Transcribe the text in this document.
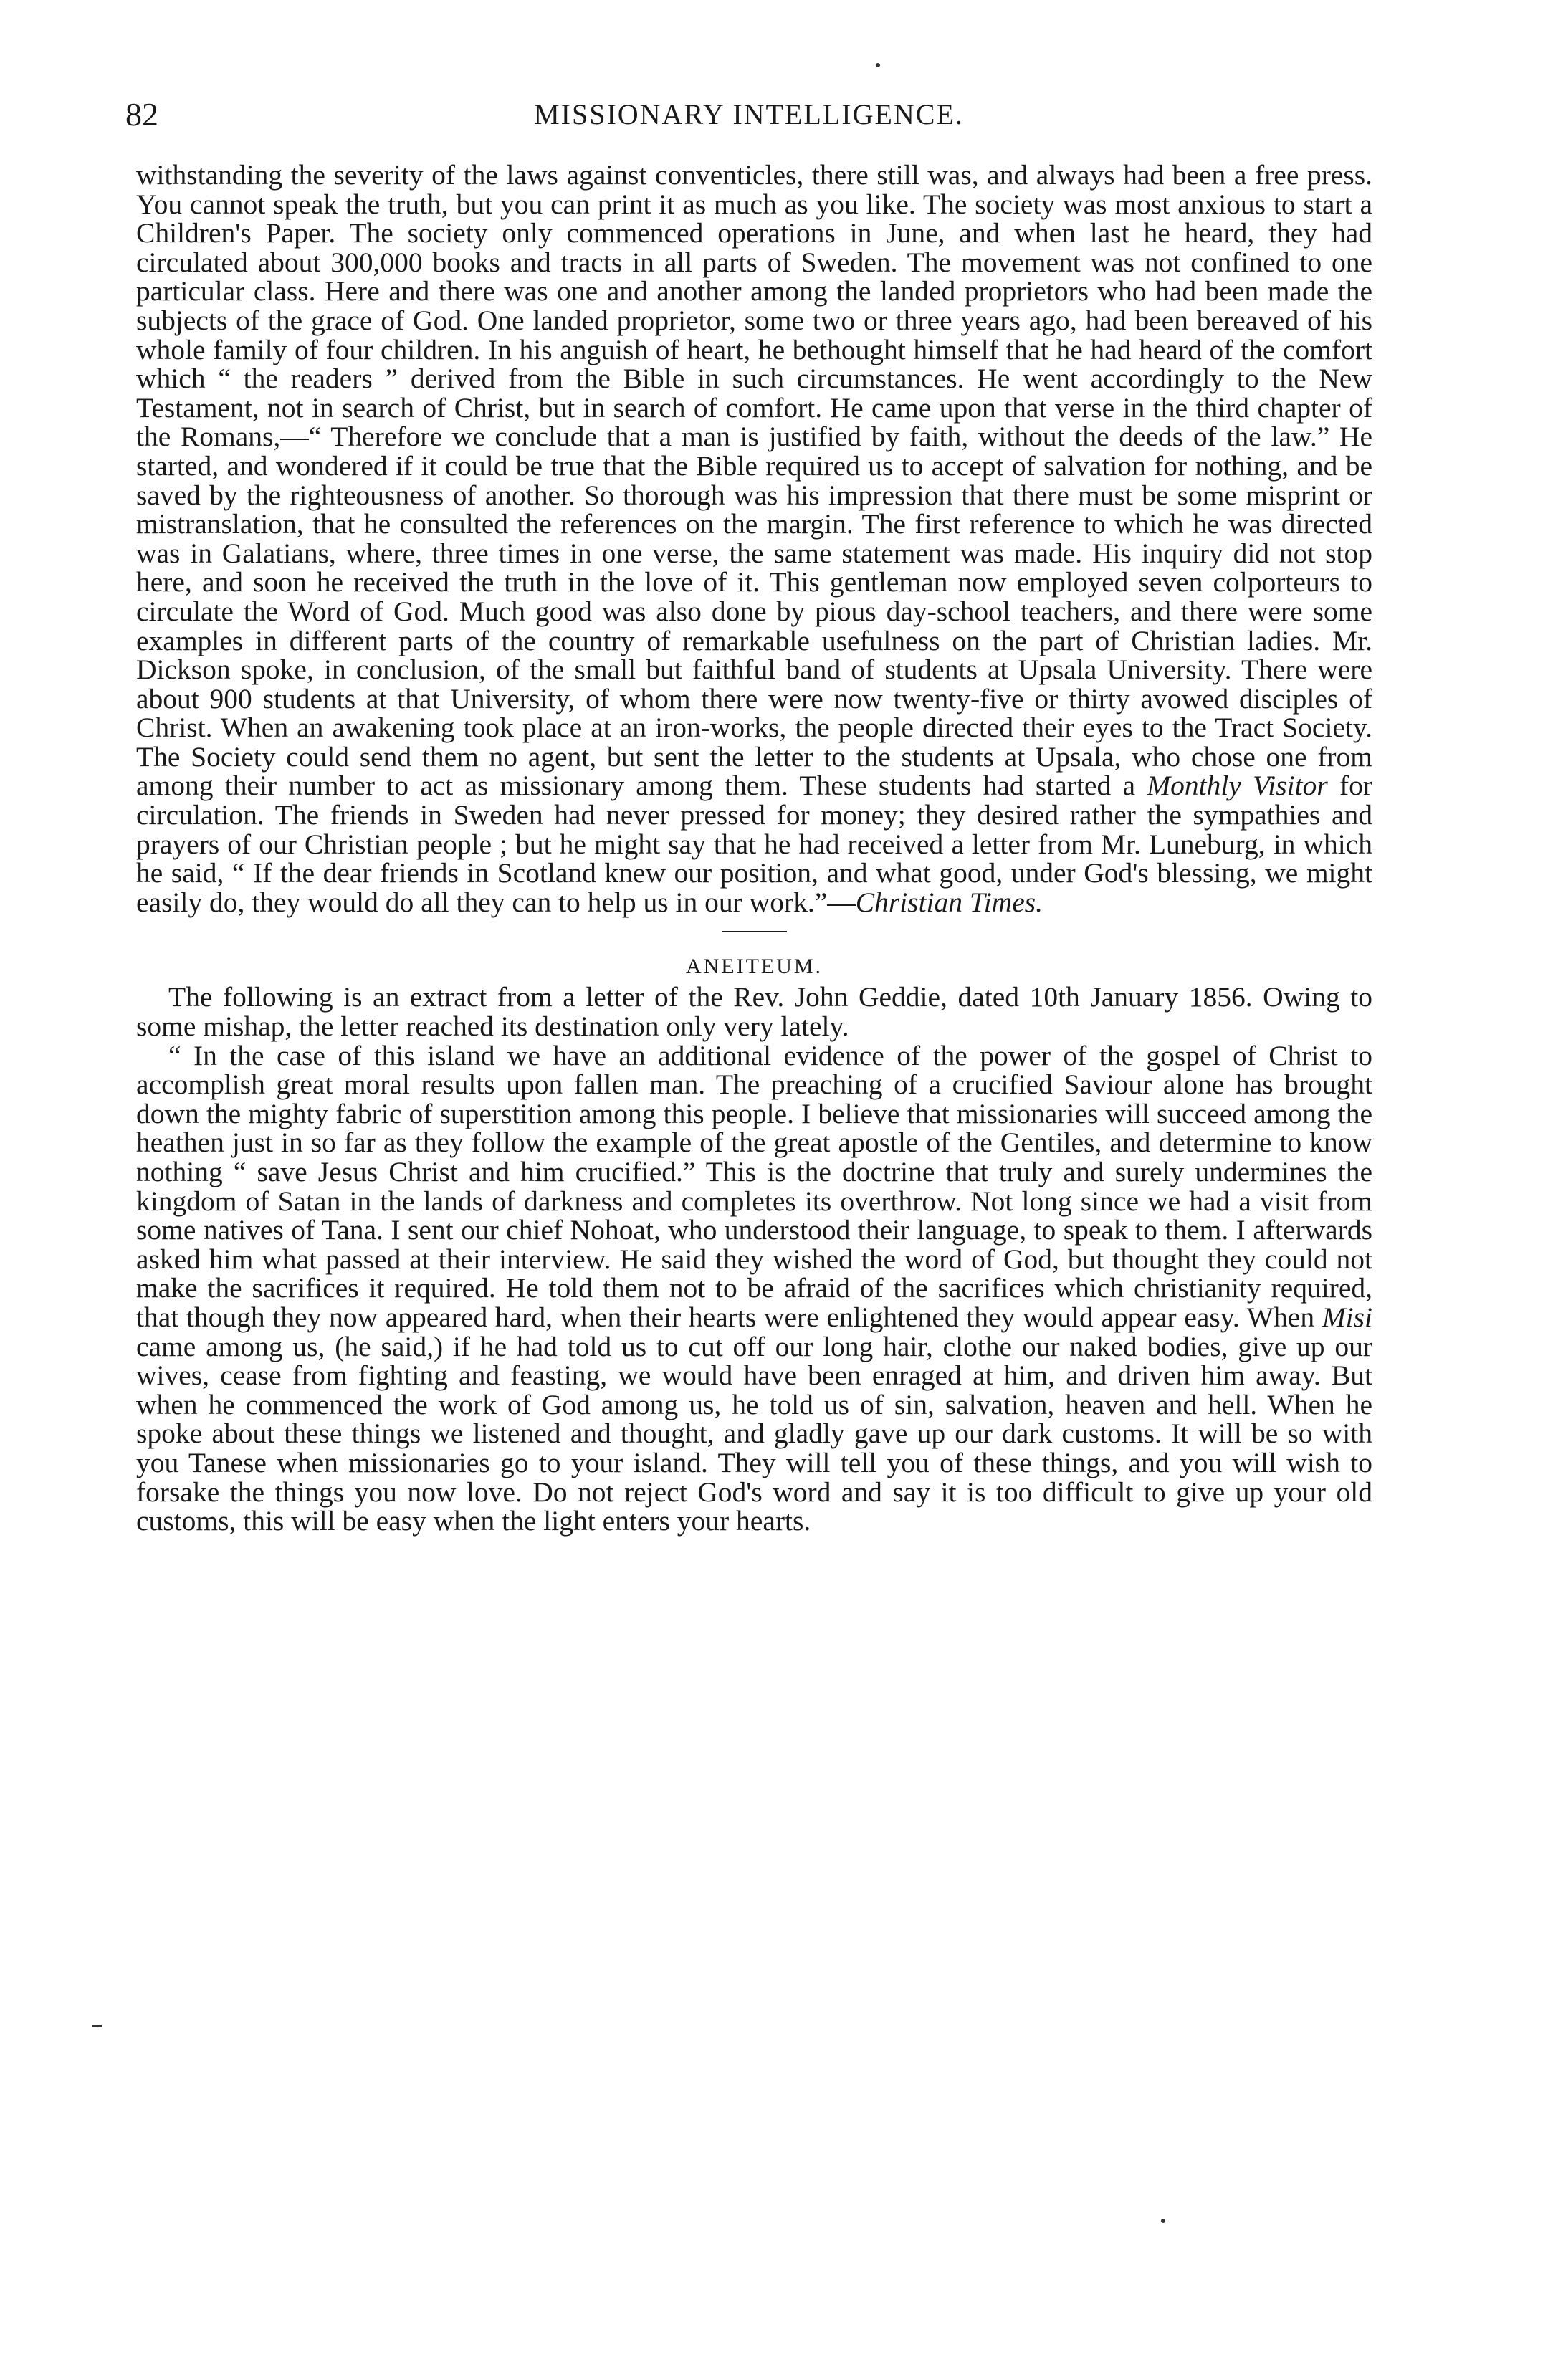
82	MISSIONARY INTELLIGENCE.

withstanding the severity of the laws against conventicles, there still was, and always had been a free press. You cannot speak the truth, but you can print it as much as you like. The society was most anxious to start a Children's Paper. The society only commenced operations in June, and when last he heard, they had circulated about 300,000 books and tracts in all parts of Sweden. The movement was not confined to one particular class. Here and there was one and another among the landed proprietors who had been made the subjects of the grace of God. One landed proprietor, some two or three years ago, had been bereaved of his whole family of four children. In his anguish of heart, he bethought himself that he had heard of the comfort which “ the readers ” derived from the Bible in such circumstances. He went accordingly to the New Testament, not in search of Christ, but in search of comfort. He came upon that verse in the third chapter of the Romans,—“ Therefore we conclude that a man is justified by faith, without the deeds of the law.” He started, and wondered if it could be true that the Bible required us to accept of salvation for nothing, and be saved by the righteousness of another. So thorough was his impression that there must be some misprint or mistranslation, that he consulted the references on the margin. The first reference to which he was directed was in Galatians, where, three times in one verse, the same statement was made. His inquiry did not stop here, and soon he received the truth in the love of it. This gentleman now employed seven colporteurs to circulate the Word of God. Much good was also done by pious day-school teachers, and there were some examples in different parts of the country of remarkable usefulness on the part of Christian ladies. Mr. Dickson spoke, in conclusion, of the small but faithful band of students at Upsala University. There were about 900 students at that University, of whom there were now twenty-five or thirty avowed disciples of Christ. When an awakening took place at an iron-works, the people directed their eyes to the Tract Society. The Society could send them no agent, but sent the letter to the students at Upsala, who chose one from among their number to act as missionary among them. These students had started a Monthly Visitor for circulation. The friends in Sweden had never pressed for money; they desired rather the sympathies and prayers of our Christian people ; but he might say that he had received a letter from Mr. Luneburg, in which he said, “ If the dear friends in Scotland knew our position, and what good, under God's blessing, we might easily do, they would do all they can to help us in our work.”—Christian Times.

ANEITEUM.

The following is an extract from a letter of the Rev. John Geddie, dated 10th January 1856. Owing to some mishap, the letter reached its destination only very lately.

“ In the case of this island we have an additional evidence of the power of the gospel of Christ to accomplish great moral results upon fallen man. The preaching of a crucified Saviour alone has brought down the mighty fabric of superstition among this people. I believe that missionaries will succeed among the heathen just in so far as they follow the example of the great apostle of the Gentiles, and determine to know nothing “ save Jesus Christ and him crucified.” This is the doctrine that truly and surely undermines the kingdom of Satan in the lands of darkness and completes its overthrow. Not long since we had a visit from some natives of Tana. I sent our chief Nohoat, who understood their language, to speak to them. I afterwards asked him what passed at their interview. He said they wished the word of God, but thought they could not make the sacrifices it required. He told them not to be afraid of the sacrifices which christianity required, that though they now appeared hard, when their hearts were enlightened they would appear easy. When Misi came among us, (he said,) if he had told us to cut off our long hair, clothe our naked bodies, give up our wives, cease from fighting and feasting, we would have been enraged at him, and driven him away. But when he commenced the work of God among us, he told us of sin, salvation, heaven and hell. When he spoke about these things we listened and thought, and gladly gave up our dark customs. It will be so with you Tanese when missionaries go to your island. They will tell you of these things, and you will wish to forsake the things you now love. Do not reject God's word and say it is too difficult to give up your old customs, this will be easy when the light enters your hearts.
